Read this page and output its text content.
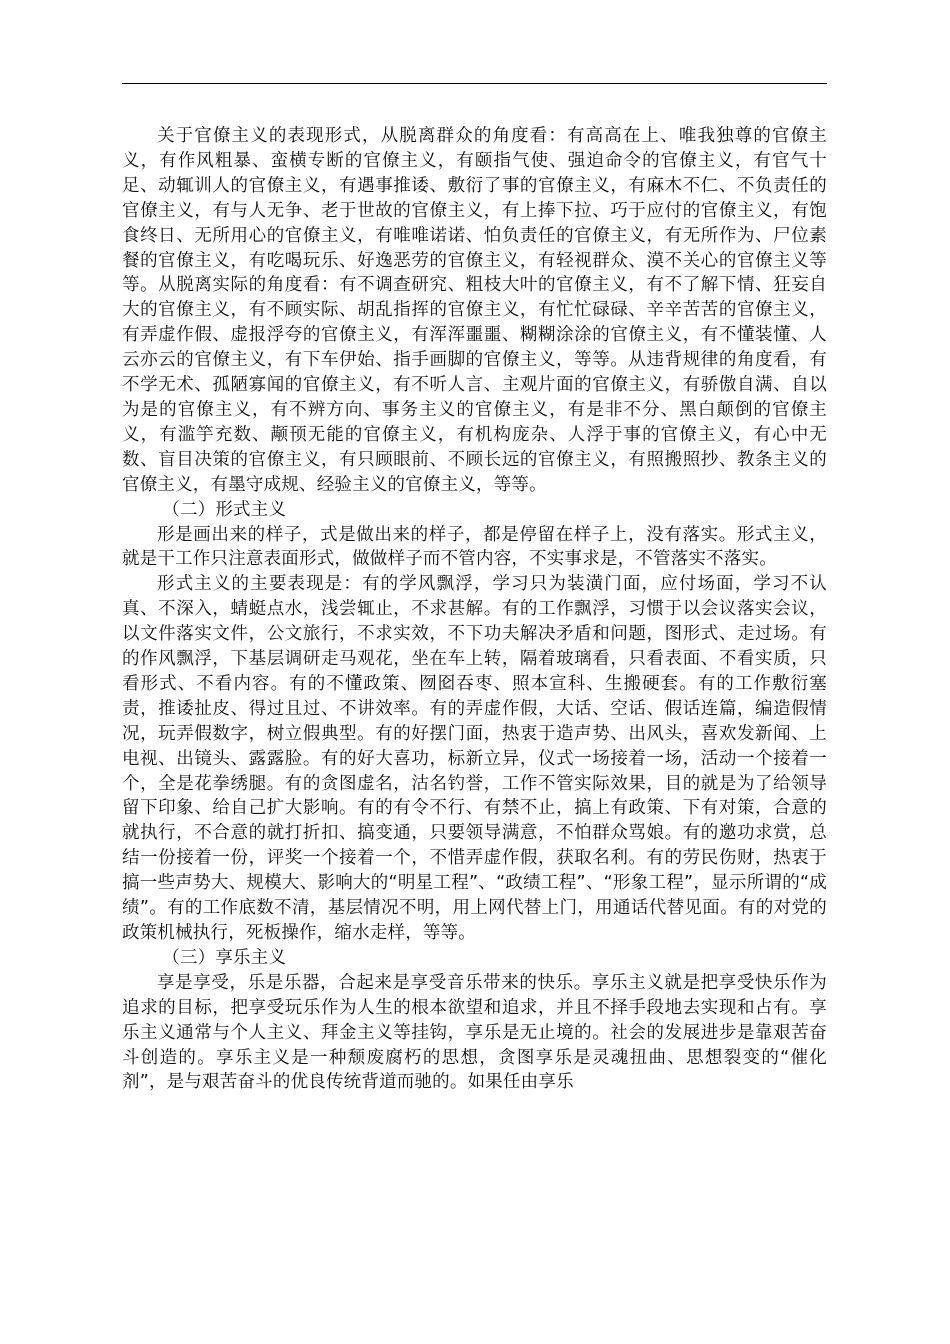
关于官僚主义的表现形式，从脱离群众的角度看：有高高在上、唯我独尊的官僚主义，有作风粗暴、蛮横专断的官僚主义，有颐指气使、强迫命令的官僚主义，有官气十足、动辄训人的官僚主义，有遇事推诿、敷衍了事的官僚主义，有麻木不仁、不负责任的官僚主义，有与人无争、老于世故的官僚主义，有上捧下拉、巧于应付的官僚主义，有饱食终日、无所用心的官僚主义，有唯唯诺诺、怕负责任的官僚主义，有无所作为、尸位素餐的官僚主义，有吃喝玩乐、好逸恶劳的官僚主义，有轻视群众、漠不关心的官僚主义等等。从脱离实际的角度看：有不调查研究、粗枝大叶的官僚主义，有不了解下情、狂妄自大的官僚主义，有不顾实际、胡乱指挥的官僚主义，有忙忙碌碌、辛辛苦苦的官僚主义，有弄虚作假、虚报浮夸的官僚主义，有浑浑噩噩、糊糊涂涂的官僚主义，有不懂装懂、人云亦云的官僚主义，有下车伊始、指手画脚的官僚主义，等等。从违背规律的角度看，有不学无术、孤陋寡闻的官僚主义，有不听人言、主观片面的官僚主义，有骄傲自满、自以为是的官僚主义，有不辨方向、事务主义的官僚主义，有是非不分、黑白颠倒的官僚主义，有滥竽充数、颟顸无能的官僚主义，有机构庞杂、人浮于事的官僚主义，有心中无数、盲目决策的官僚主义，有只顾眼前、不顾长远的官僚主义，有照搬照抄、教条主义的官僚主义，有墨守成规、经验主义的官僚主义，等等。

（二）形式主义

形是画出来的样子，式是做出来的样子，都是停留在样子上，没有落实。形式主义，就是干工作只注意表面形式，做做样子而不管内容，不实事求是，不管落实不落实。

形式主义的主要表现是：有的学风飘浮，学习只为装潢门面，应付场面，学习不认真、不深入，蜻蜓点水，浅尝辄止，不求甚解。有的工作飘浮，习惯于以会议落实会议，以文件落实文件，公文旅行，不求实效，不下功夫解决矛盾和问题，图形式、走过场。有的作风飘浮，下基层调研走马观花，坐在车上转，隔着玻璃看，只看表面、不看实质，只看形式、不看内容。有的不懂政策、囫囵吞枣、照本宣科、生搬硬套。有的工作敷衍塞责，推诿扯皮、得过且过、不讲效率。有的弄虚作假，大话、空话、假话连篇，编造假情况，玩弄假数字，树立假典型。有的好摆门面，热衷于造声势、出风头，喜欢发新闻、上电视、出镜头、露露脸。有的好大喜功，标新立异，仪式一场接着一场，活动一个接着一个，全是花拳绣腿。有的贪图虚名，沽名钓誉，工作不管实际效果，目的就是为了给领导留下印象、给自己扩大影响。有的有令不行、有禁不止，搞上有政策、下有对策，合意的就执行，不合意的就打折扣、搞变通，只要领导满意，不怕群众骂娘。有的邀功求赏，总结一份接着一份，评奖一个接着一个，不惜弄虚作假，获取名利。有的劳民伤财，热衷于搞一些声势大、规模大、影响大的“明星工程”、“政绩工程”、“形象工程”，显示所谓的“成绩”。有的工作底数不清，基层情况不明，用上网代替上门，用通话代替见面。有的对党的政策机械执行，死板操作，缩水走样，等等。

（三）享乐主义

享是享受，乐是乐器，合起来是享受音乐带来的快乐。享乐主义就是把享受快乐作为追求的目标，把享受玩乐作为人生的根本欲望和追求，并且不择手段地去实现和占有。享乐主义通常与个人主义、拜金主义等挂钩，享乐是无止境的。社会的发展进步是靠艰苦奋斗创造的。享乐主义是一种颓废腐朽的思想，贪图享乐是灵魂扭曲、思想裂变的“催化剂”，是与艰苦奋斗的优良传统背道而驰的。如果任由享乐
